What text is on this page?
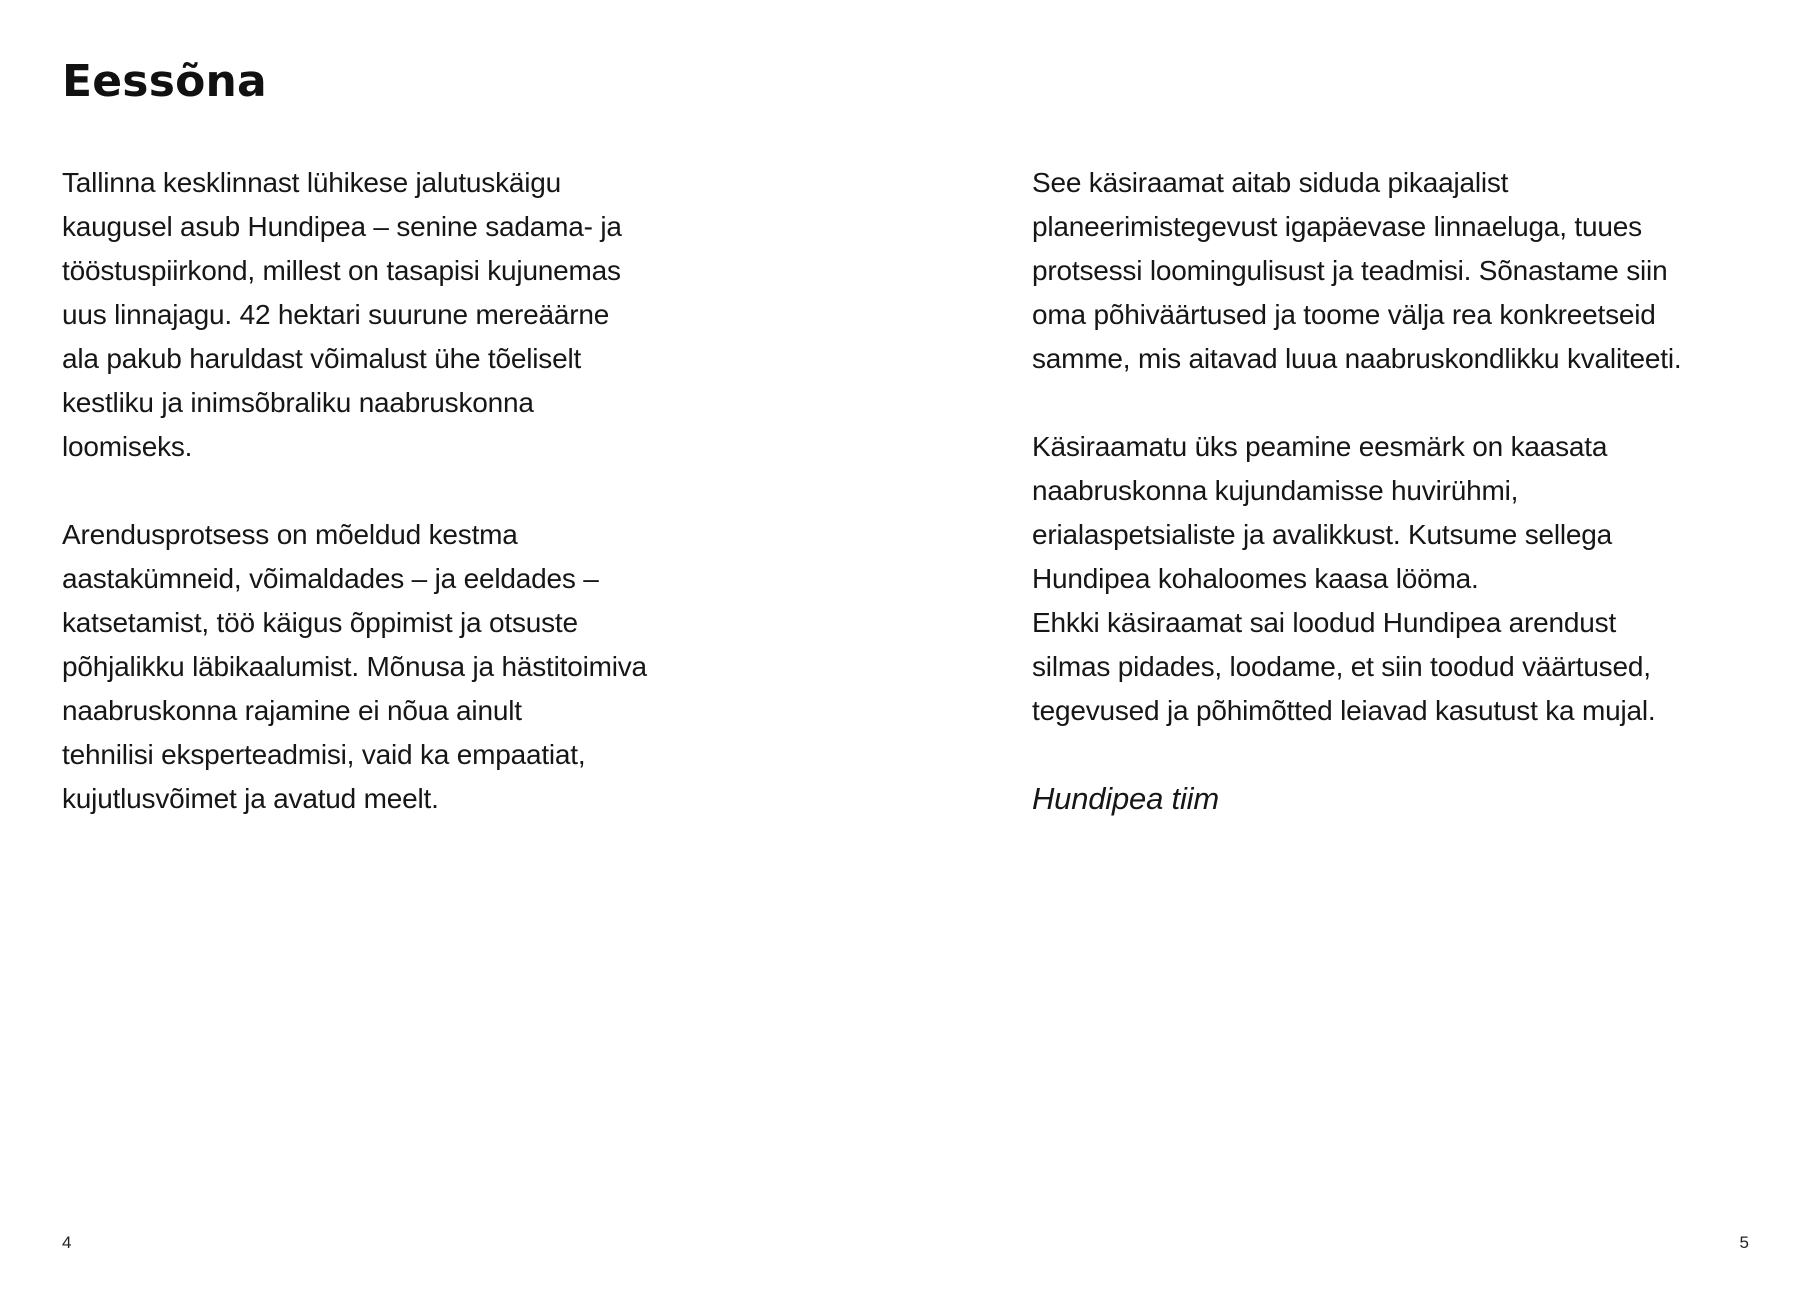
Eessõna

Tallinna kesklinnast lühikese jalutuskäigu
kaugusel asub Hundipea – senine sadama- ja
tööstuspiirkond, millest on tasapisi kujunemas
uus linnajagu. 42 hektari suurune mereäärne
ala pakub haruldast võimalust ühe tõeliselt
kestliku ja inimsõbraliku naabruskonna
loomiseks.

Arendusprotsess on mõeldud kestma
aastakümneid, võimaldades – ja eeldades –
katsetamist, töö käigus õppimist ja otsuste
põhjalikku läbikaalumist. Mõnusa ja hästitoimiva
naabruskonna rajamine ei nõua ainult
tehnilisi eksperteadmisi, vaid ka empaatiat,
kujutlusvõimet ja avatud meelt.

See käsiraamat aitab siduda pikaajalist
planeerimistegevust igapäevase linnaeluga, tuues
protsessi loomingulisust ja teadmisi. Sõnastame siin
oma põhiväärtused ja toome välja rea konkreetseid
samme, mis aitavad luua naabruskondlikku kvaliteeti.

Käsiraamatu üks peamine eesmärk on kaasata
naabruskonna kujundamisse huvirühmi,
erialaspetsialiste ja avalikkust. Kutsume sellega
Hundipea kohaloomes kaasa lööma.
Ehkki käsiraamat sai loodud Hundipea arendust
silmas pidades, loodame, et siin toodud väärtused,
tegevused ja põhimõtted leiavad kasutust ka mujal.

Hundipea tiim

4	5
